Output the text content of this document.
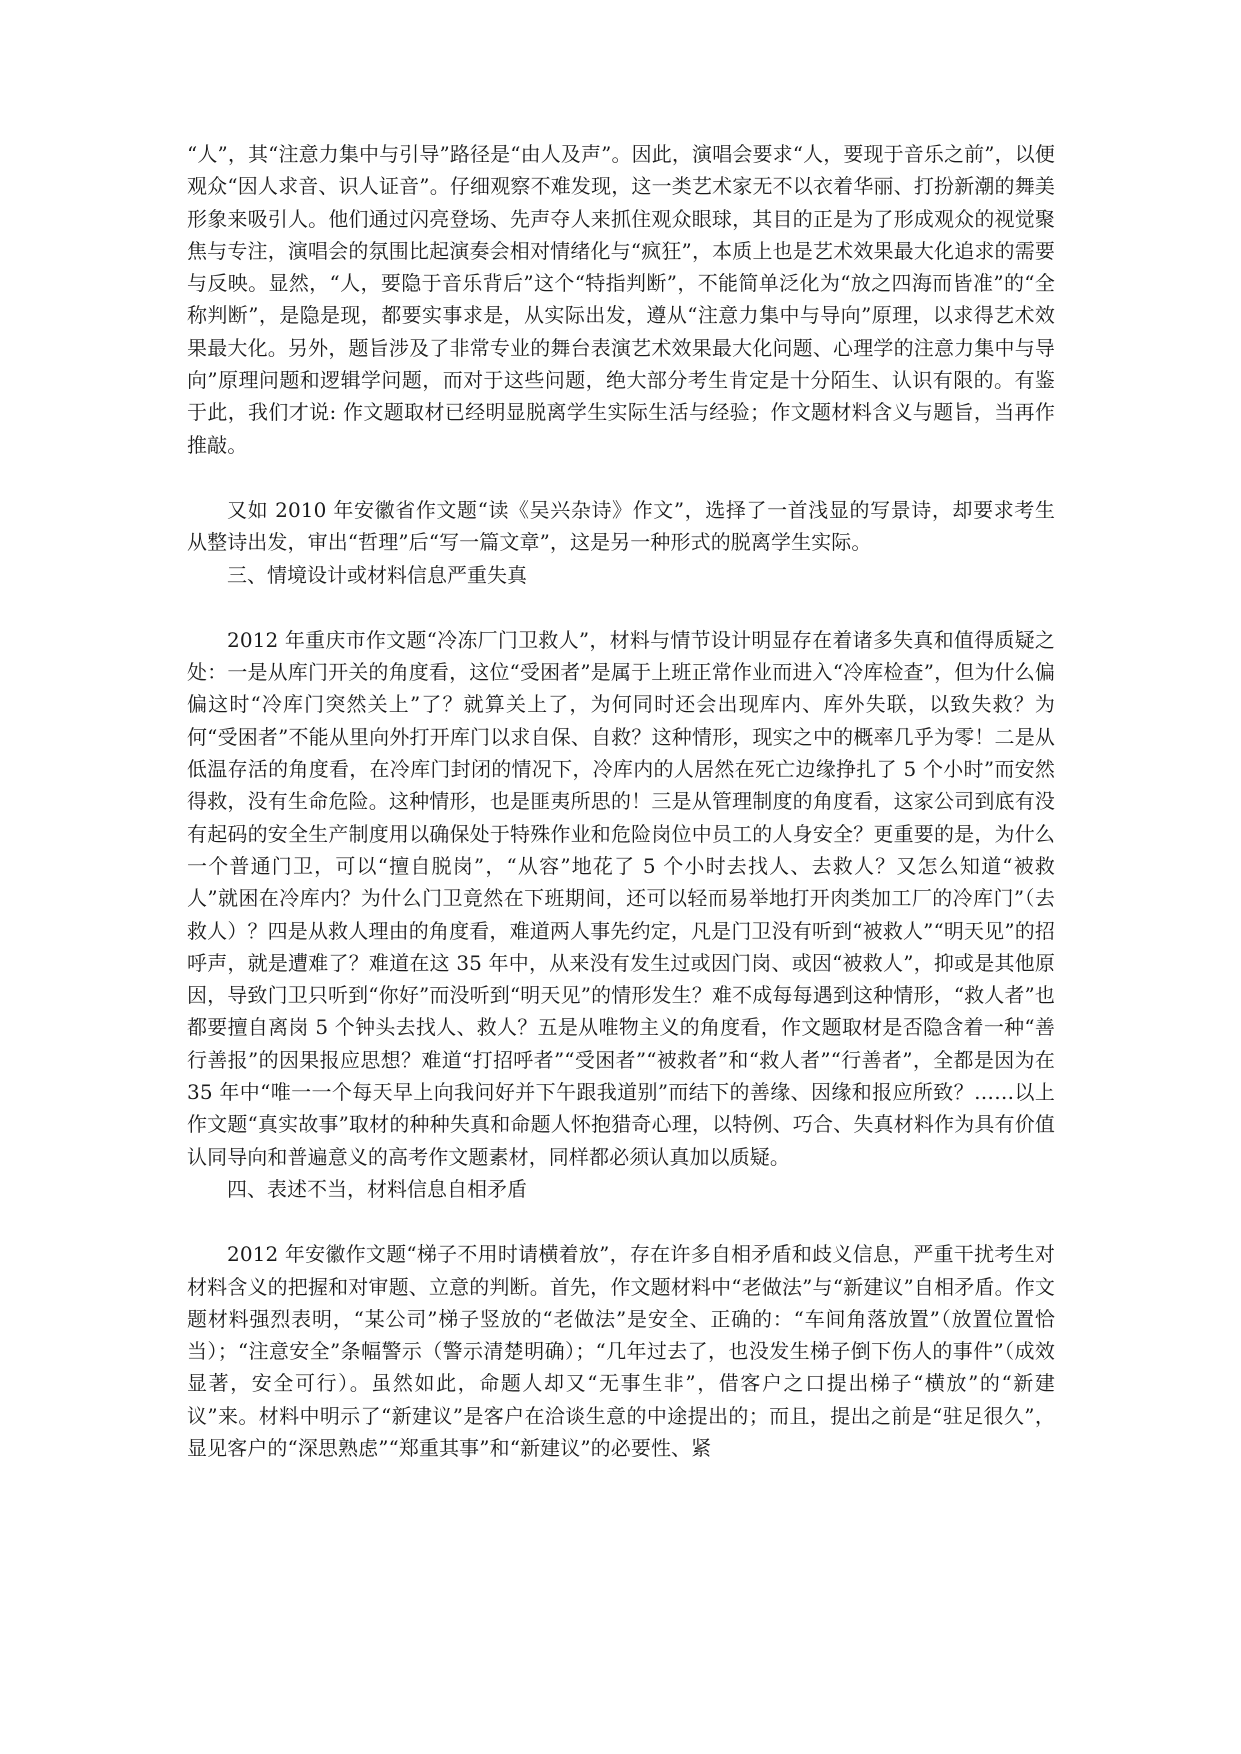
“人”，其“注意力集中与引导”路径是“由人及声”。因此，演唱会要求“人，要现于音乐之前”，以便观众“因人求音、识人证音”。仔细观察不难发现，这一类艺术家无不以衣着华丽、打扮新潮的舞美形象来吸引人。他们通过闪亮登场、先声夺人来抓住观众眼球，其目的正是为了形成观众的视觉聚焦与专注，演唱会的氛围比起演奏会相对情绪化与“疯狂”，本质上也是艺术效果最大化追求的需要与反映。显然，“人，要隐于音乐背后”这个“特指判断”，不能简单泛化为“放之四海而皆准”的“全称判断”，是隐是现，都要实事求是，从实际出发，遵从“注意力集中与导向”原理，以求得艺术效果最大化。另外，题旨涉及了非常专业的舞台表演艺术效果最大化问题、心理学的注意力集中与导向”原理问题和逻辑学问题，而对于这些问题，绝大部分考生肯定是十分陌生、认识有限的。有鉴于此，我们才说: 作文题取材已经明显脱离学生实际生活与经验；作文题材料含义与题旨，当再作推敲。

又如 2010 年安徽省作文题“读《吴兴杂诗》作文”，选择了一首浅显的写景诗，却要求考生从整诗出发，审出“哲理”后“写一篇文章”，这是另一种形式的脱离学生实际。

三、情境设计或材料信息严重失真

2012 年重庆市作文题“冷冻厂门卫救人”，材料与情节设计明显存在着诸多失真和值得质疑之处：一是从库门开关的角度看，这位“受困者”是属于上班正常作业而进入“冷库检查”，但为什么偏偏这时“冷库门突然关上”了？就算关上了，为何同时还会出现库内、库外失联，以致失救？为何“受困者”不能从里向外打开库门以求自保、自救？这种情形，现实之中的概率几乎为零！二是从低温存活的角度看，在冷库门封闭的情况下，冷库内的人居然在死亡边缘挣扎了 5 个小时”而安然得救，没有生命危险。这种情形，也是匪夷所思的！三是从管理制度的角度看，这家公司到底有没有起码的安全生产制度用以确保处于特殊作业和危险岗位中员工的人身安全？更重要的是，为什么一个普通门卫，可以“擅自脱岗”，“从容”地花了 5 个小时去找人、去救人？又怎么知道“被救人”就困在冷库内？为什么门卫竟然在下班期间，还可以轻而易举地打开肉类加工厂的冷库门”（去救人）？四是从救人理由的角度看，难道两人事先约定，凡是门卫没有听到“被救人”“明天见”的招呼声，就是遭难了？难道在这 35 年中，从来没有发生过或因门岗、或因“被救人”，抑或是其他原因，导致门卫只听到“你好”而没听到“明天见”的情形发生？难不成每每遇到这种情形，“救人者”也都要擅自离岗 5 个钟头去找人、救人？五是从唯物主义的角度看，作文题取材是否隐含着一种“善行善报”的因果报应思想？难道“打招呼者”“受困者”“被救者”和“救人者”“行善者”，全都是因为在 35 年中“唯一一个每天早上向我问好并下午跟我道别”而结下的善缘、因缘和报应所致？……以上作文题“真实故事”取材的种种失真和命题人怀抱猎奇心理，以特例、巧合、失真材料作为具有价值认同导向和普遍意义的高考作文题素材，同样都必须认真加以质疑。

四、表述不当，材料信息自相矛盾

2012 年安徽作文题“梯子不用时请横着放”，存在许多自相矛盾和歧义信息，严重干扰考生对材料含义的把握和对审题、立意的判断。首先，作文题材料中“老做法”与“新建议”自相矛盾。作文题材料强烈表明，“某公司”梯子竖放的“老做法”是安全、正确的：“车间角落放置”（放置位置恰当）；“注意安全”条幅警示（警示清楚明确）；“几年过去了，也没发生梯子倒下伤人的事件”（成效显著，安全可行）。虽然如此，命题人却又“无事生非”，借客户之口提出梯子“横放”的“新建议”来。材料中明示了“新建议”是客户在洽谈生意的中途提出的；而且，提出之前是“驻足很久”，显见客户的“深思熟虑”“郑重其事”和“新建议”的必要性、紧
